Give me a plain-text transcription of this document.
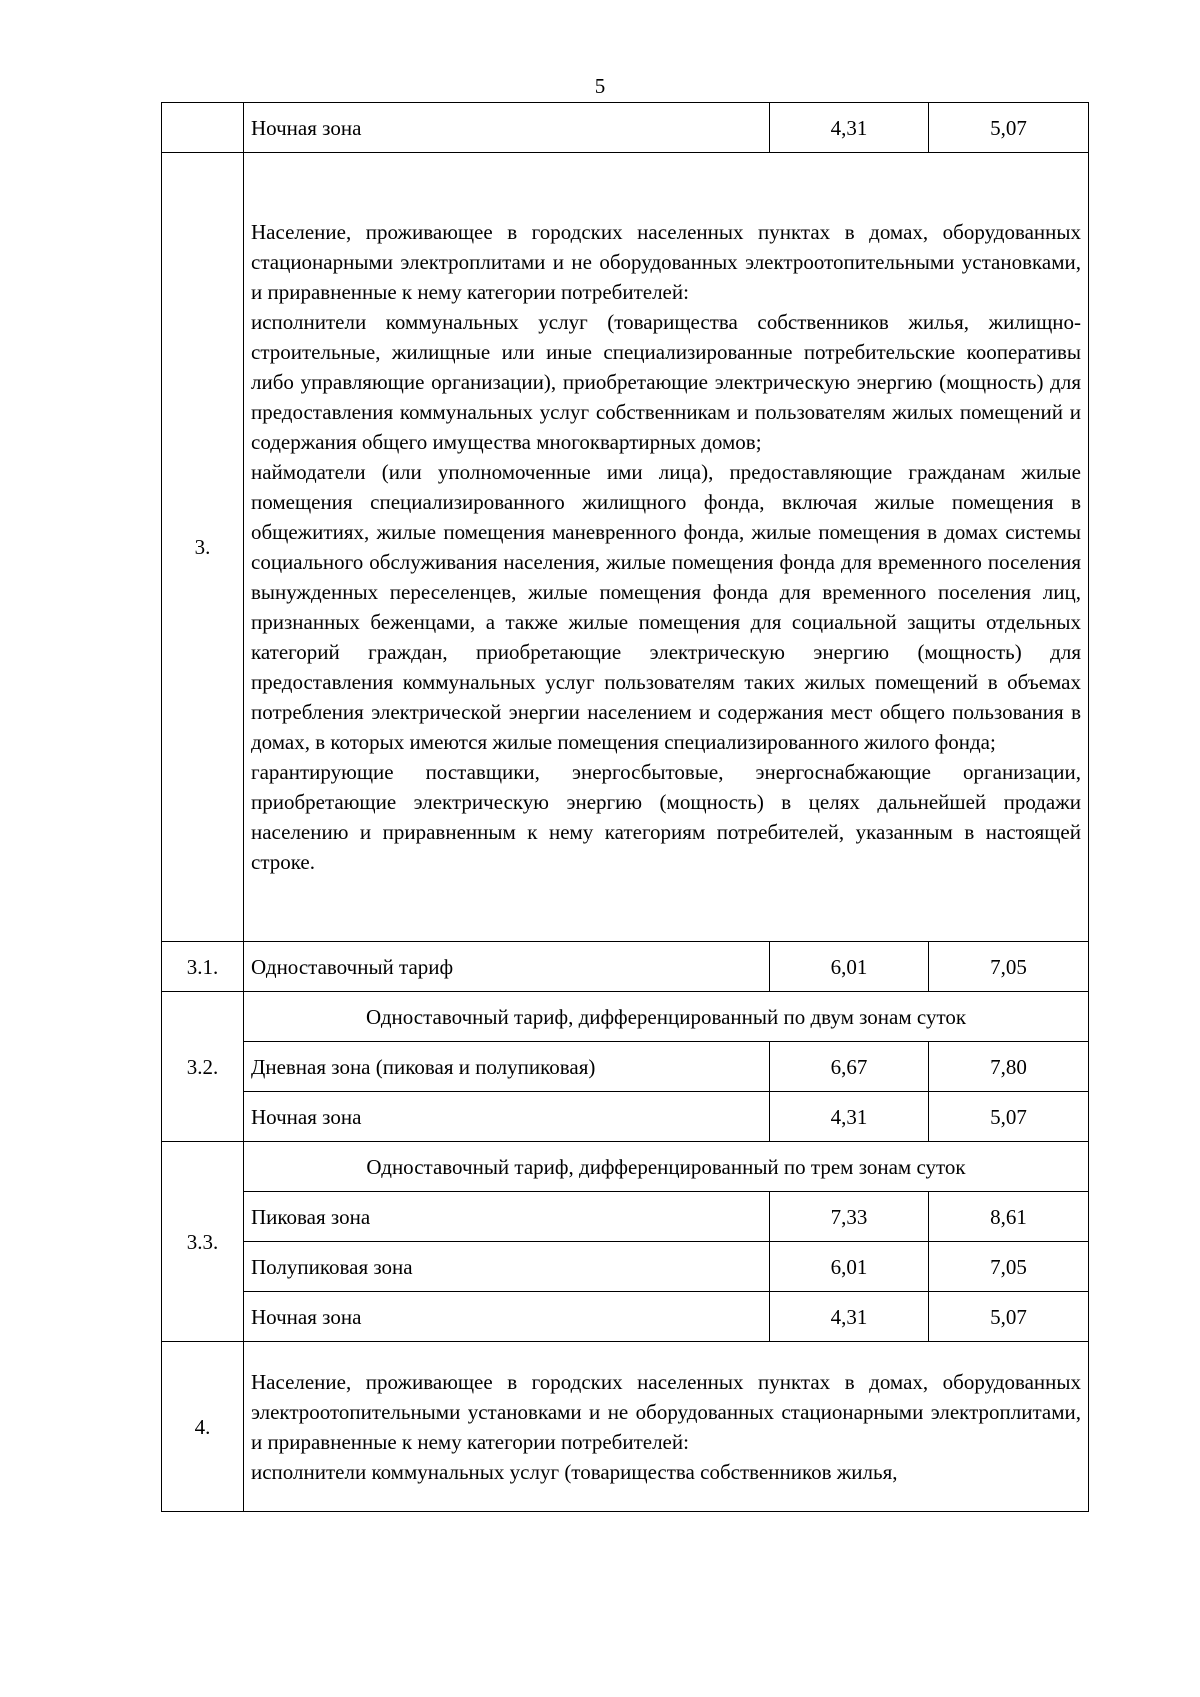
5
	Ночная зона	4,31	5,07
3.	Население, проживающее в городских населенных пунктах в домах, оборудованных стационарными электроплитами и не оборудованных электроотопительными установками, и приравненные к нему категории потребителей:
исполнители коммунальных услуг (товарищества собственников жилья, жилищно-строительные, жилищные или иные специализированные потребительские кооперативы либо управляющие организации), приобретающие электрическую энергию (мощность) для предоставления коммунальных услуг собственникам и пользователям жилых помещений и содержания общего имущества многоквартирных домов;
наймодатели (или уполномоченные ими лица), предоставляющие гражданам жилые помещения специализированного жилищного фонда, включая жилые помещения в общежитиях, жилые помещения маневренного фонда, жилые помещения в домах системы социального обслуживания населения, жилые помещения фонда для временного поселения вынужденных переселенцев, жилые помещения фонда для временного поселения лиц, признанных беженцами, а также жилые помещения для социальной защиты отдельных категорий граждан, приобретающие электрическую энергию (мощность) для предоставления коммунальных услуг пользователям таких жилых помещений в объемах потребления электрической энергии населением и содержания мест общего пользования в домах, в которых имеются жилые помещения специализированного жилого фонда;
гарантирующие поставщики, энергосбытовые, энергоснабжающие организации, приобретающие электрическую энергию (мощность) в целях дальнейшей продажи населению и приравненным к нему категориям потребителей, указанным в настоящей строке.		

3.1.	Одноставочный тариф	6,01	7,05
3.2.	Одноставочный тариф, дифференцированный по двум зонам суток		
	Дневная зона (пиковая и полупиковая)	6,67	7,80
	Ночная зона	4,31	5,07
3.3.	Одноставочный тариф, дифференцированный по трем зонам суток		
	Пиковая зона	7,33	8,61
	Полупиковая зона	6,01	7,05
	Ночная зона	4,31	5,07
4.	Население, проживающее в городских населенных пунктах в домах, оборудованных электроотопительными установками и не оборудованных стационарными электроплитами, и приравненные к нему категории потребителей:
исполнители коммунальных услуг (товарищества собственников жилья,		
